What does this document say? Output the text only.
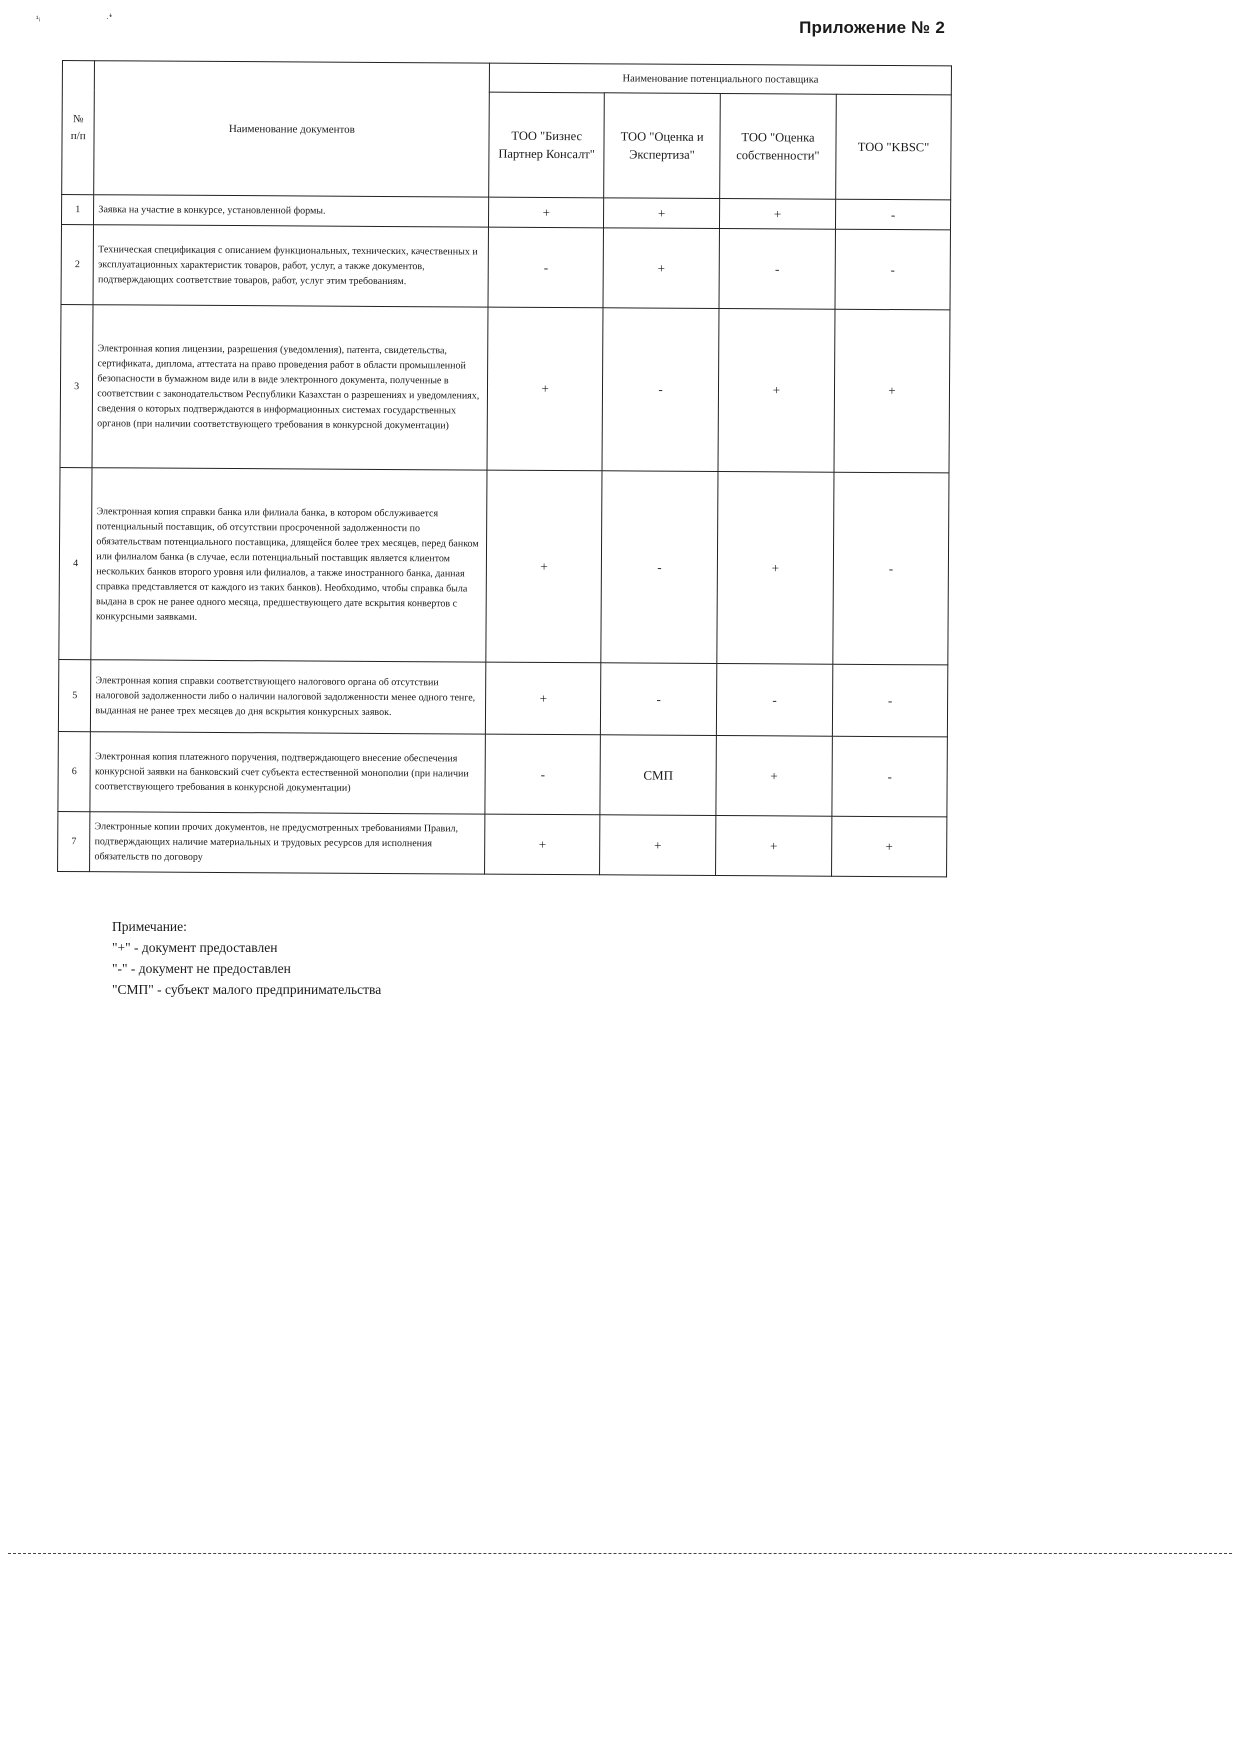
¹ᵢ	·ꜜ	Приложение № 2
№
п/п	Наименование документов	Наименование потенциального поставщика			
		ТОО "Бизнес Партнер Консалт"	ТОО "Оценка и Экспертиза"	ТОО "Оценка собственности"	ТОО "KBSC"
1	Заявка на участие в конкурсе, установленной формы.	+	+	+	-
2	Техническая спецификация с описанием функциональных, технических, качественных и эксплуатационных характеристик товаров, работ, услуг, а также документов, подтверждающих соответствие товаров, работ, услуг этим требованиям.	-	+	-	-
3	Электронная копия лицензии, разрешения (уведомления), патента, свидетельства, сертификата, диплома, аттестата на право проведения работ в области промышленной безопасности в бумажном виде или в виде электронного документа, полученные в соответствии с законодательством Республики Казахстан о разрешениях и уведомлениях, сведения о которых подтверждаются в информационных системах государственных органов (при наличии соответствующего требования в конкурсной документации)	+	-	+	+
4	Электронная копия справки банка или филиала банка, в котором обслуживается потенциальный поставщик, об отсутствии просроченной задолженности по обязательствам потенциального поставщика, длящейся более трех месяцев, перед банком или филиалом банка (в случае, если потенциальный поставщик является клиентом нескольких банков второго уровня или филиалов, а также иностранного банка, данная справка представляется от каждого из таких банков). Необходимо, чтобы справка была выдана в срок не ранее одного месяца, предшествующего дате вскрытия конвертов с конкурсными заявками.	+	-	+	-
5	Электронная копия справки соответствующего налогового органа об отсутствии налоговой задолженности либо о наличии налоговой задолженности менее одного тенге, выданная не ранее трех месяцев до дня вскрытия конкурсных заявок.	+	-	-	-
6	Электронная копия платежного поручения, подтверждающего внесение обеспечения конкурсной заявки на банковский счет субъекта естественной монополии (при наличии соответствующего требования в конкурсной документации)	-	СМП	+	-
7	Электронные копии прочих документов, не предусмотренных требованиями Правил, подтверждающих наличие материальных и трудовых ресурсов для исполнения обязательств по договору	+	+	+	+
Примечание:
"+" - документ предоставлен
"-" - документ не предоставлен
"СМП" - субъект малого предпринимательства
